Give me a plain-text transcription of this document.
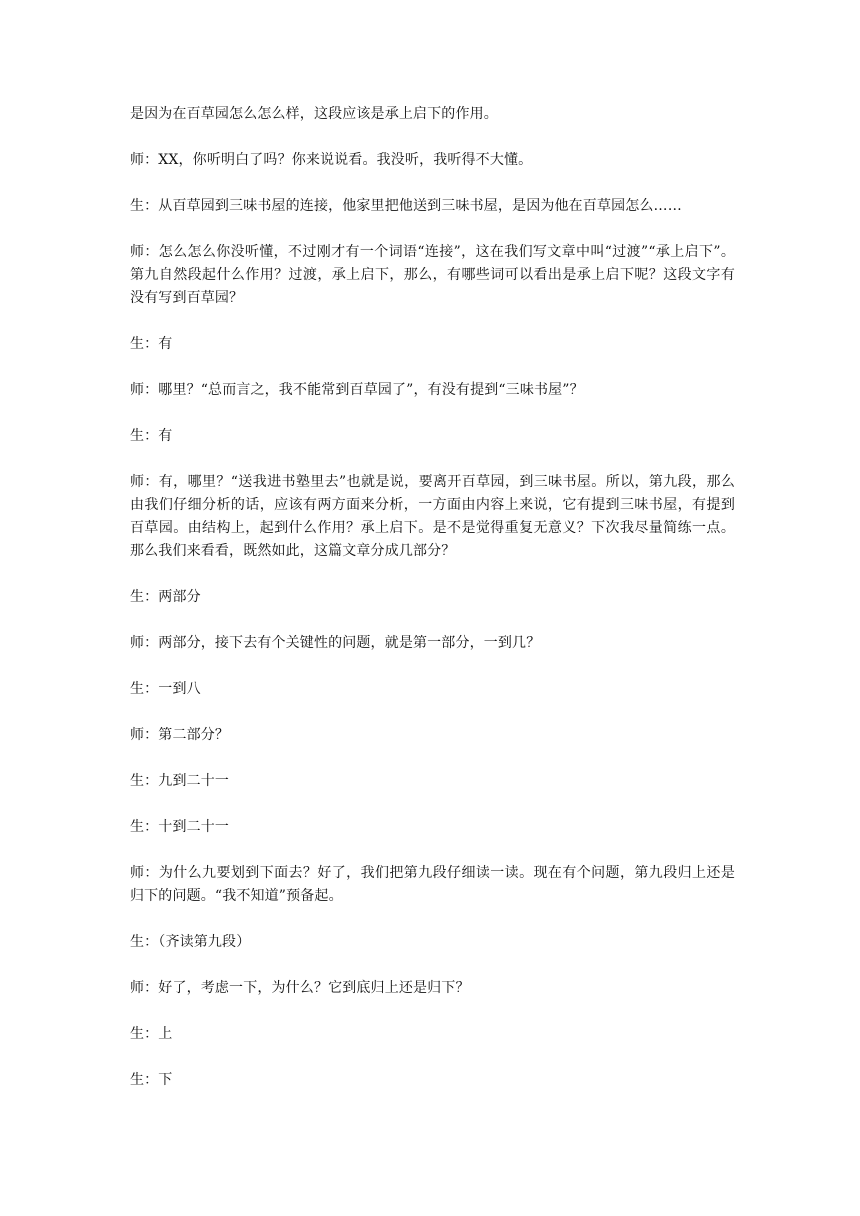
是因为在百草园怎么怎么样，这段应该是承上启下的作用。

师：XX，你听明白了吗？你来说说看。我没听，我听得不大懂。

生：从百草园到三味书屋的连接，他家里把他送到三味书屋，是因为他在百草园怎么……

师：怎么怎么你没听懂，不过刚才有一个词语“连接”，这在我们写文章中叫“过渡”“承上启下”。第九自然段起什么作用？过渡，承上启下，那么，有哪些词可以看出是承上启下呢？这段文字有没有写到百草园？

生：有

师：哪里？“总而言之，我不能常到百草园了”，有没有提到“三味书屋”？

生：有

师：有，哪里？“送我进书塾里去”也就是说，要离开百草园，到三味书屋。所以，第九段，那么由我们仔细分析的话，应该有两方面来分析，一方面由内容上来说，它有提到三味书屋，有提到百草园。由结构上，起到什么作用？承上启下。是不是觉得重复无意义？下次我尽量简练一点。那么我们来看看，既然如此，这篇文章分成几部分？

生：两部分

师：两部分，接下去有个关键性的问题，就是第一部分，一到几？

生：一到八

师：第二部分？

生：九到二十一

生：十到二十一

师：为什么九要划到下面去？好了，我们把第九段仔细读一读。现在有个问题，第九段归上还是归下的问题。“我不知道”预备起。

生：（齐读第九段）

师：好了，考虑一下，为什么？它到底归上还是归下？

生：上

生：下
